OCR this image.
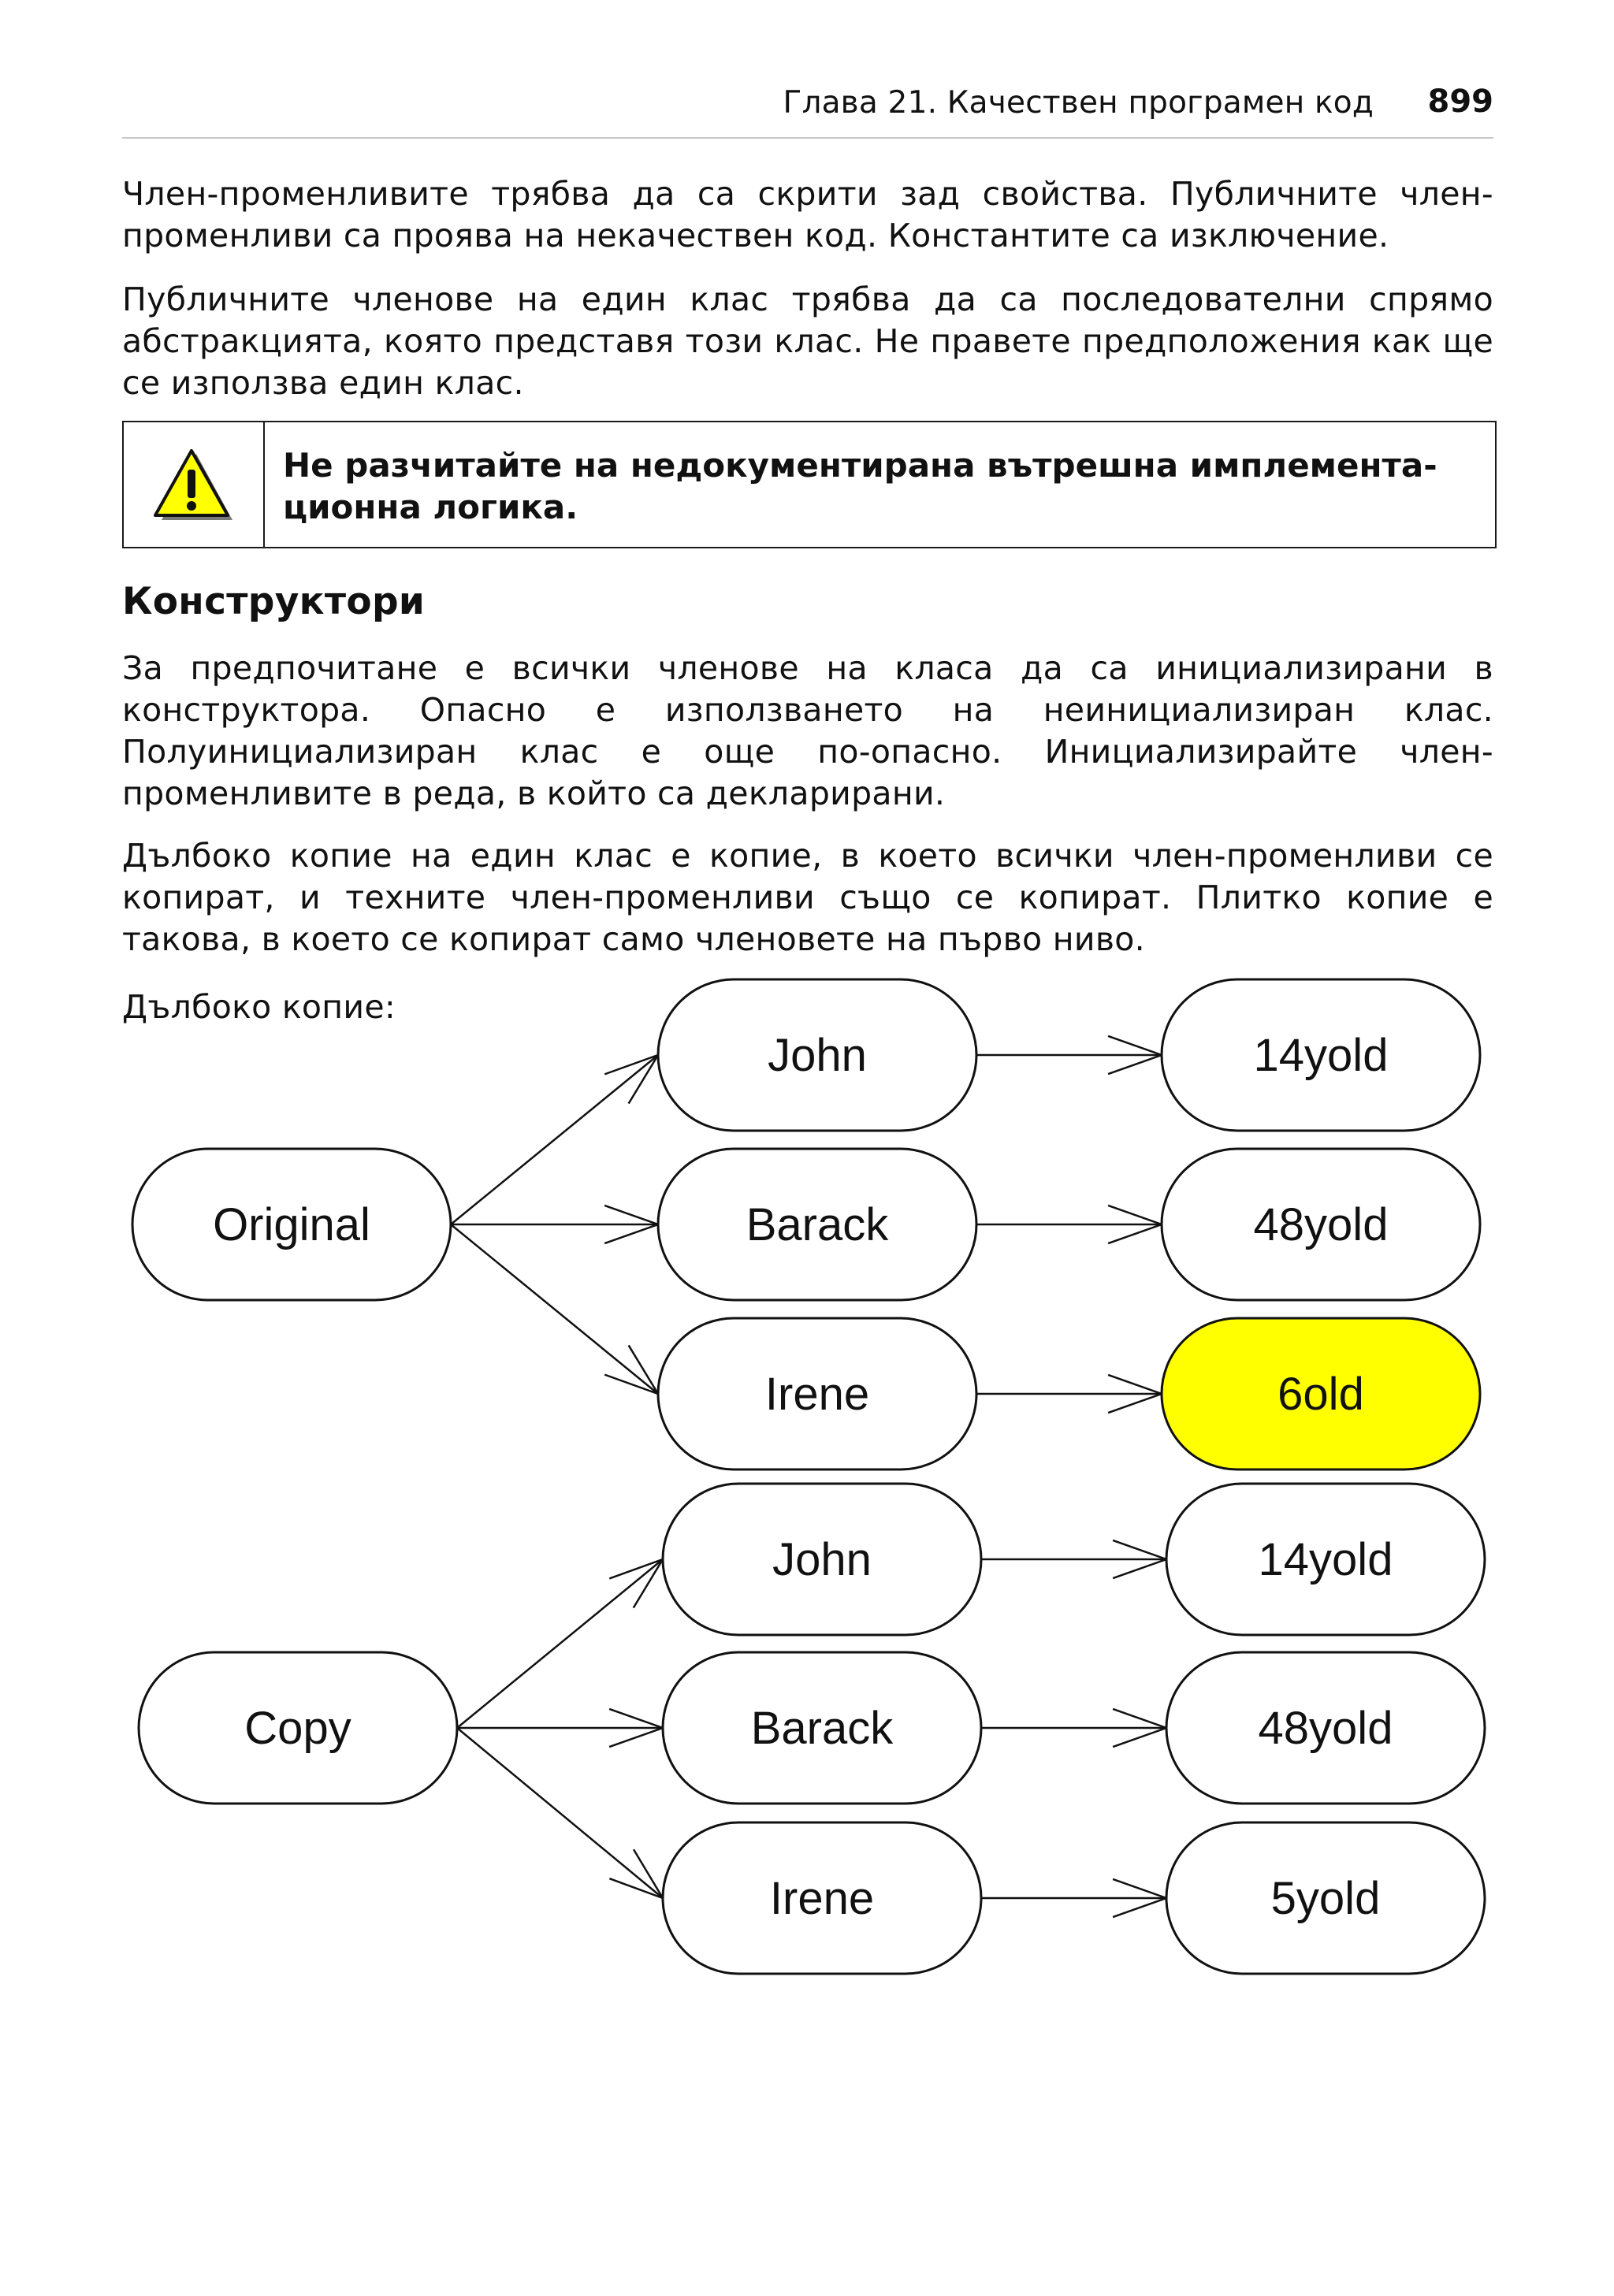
Глава 21. Качествен програмен код 899

Член-променливите трябва да са скрити зад свойства. Публичните член-променливи са проява на некачествен код. Константите са изключение.

Публичните членове на един клас трябва да са последователни спрямо абстракцията, която представя този клас. Не правете предположения как ще се използва един клас.

Не разчитайте на недокументирана вътрешна имплемента-
ционна логика.

Конструктори

За предпочитане е всички членове на класа да са инициализирани в конструктора. Опасно е използването на неинициализиран клас. Полуинициализиран клас е още по-опасно. Инициализирайте член-променливите в реда, в който са декларирани.

Дълбоко копие на един клас е копие, в което всички член-променливи се копират, и техните член-променливи също се копират. Плитко копие е такова, в което се копират само членовете на първо ниво.

Дълбоко копие:

Original
John	14yold
Barack	48yold
Irene	6old
Copy
John	14yold
Barack	48yold
Irene	5yold
